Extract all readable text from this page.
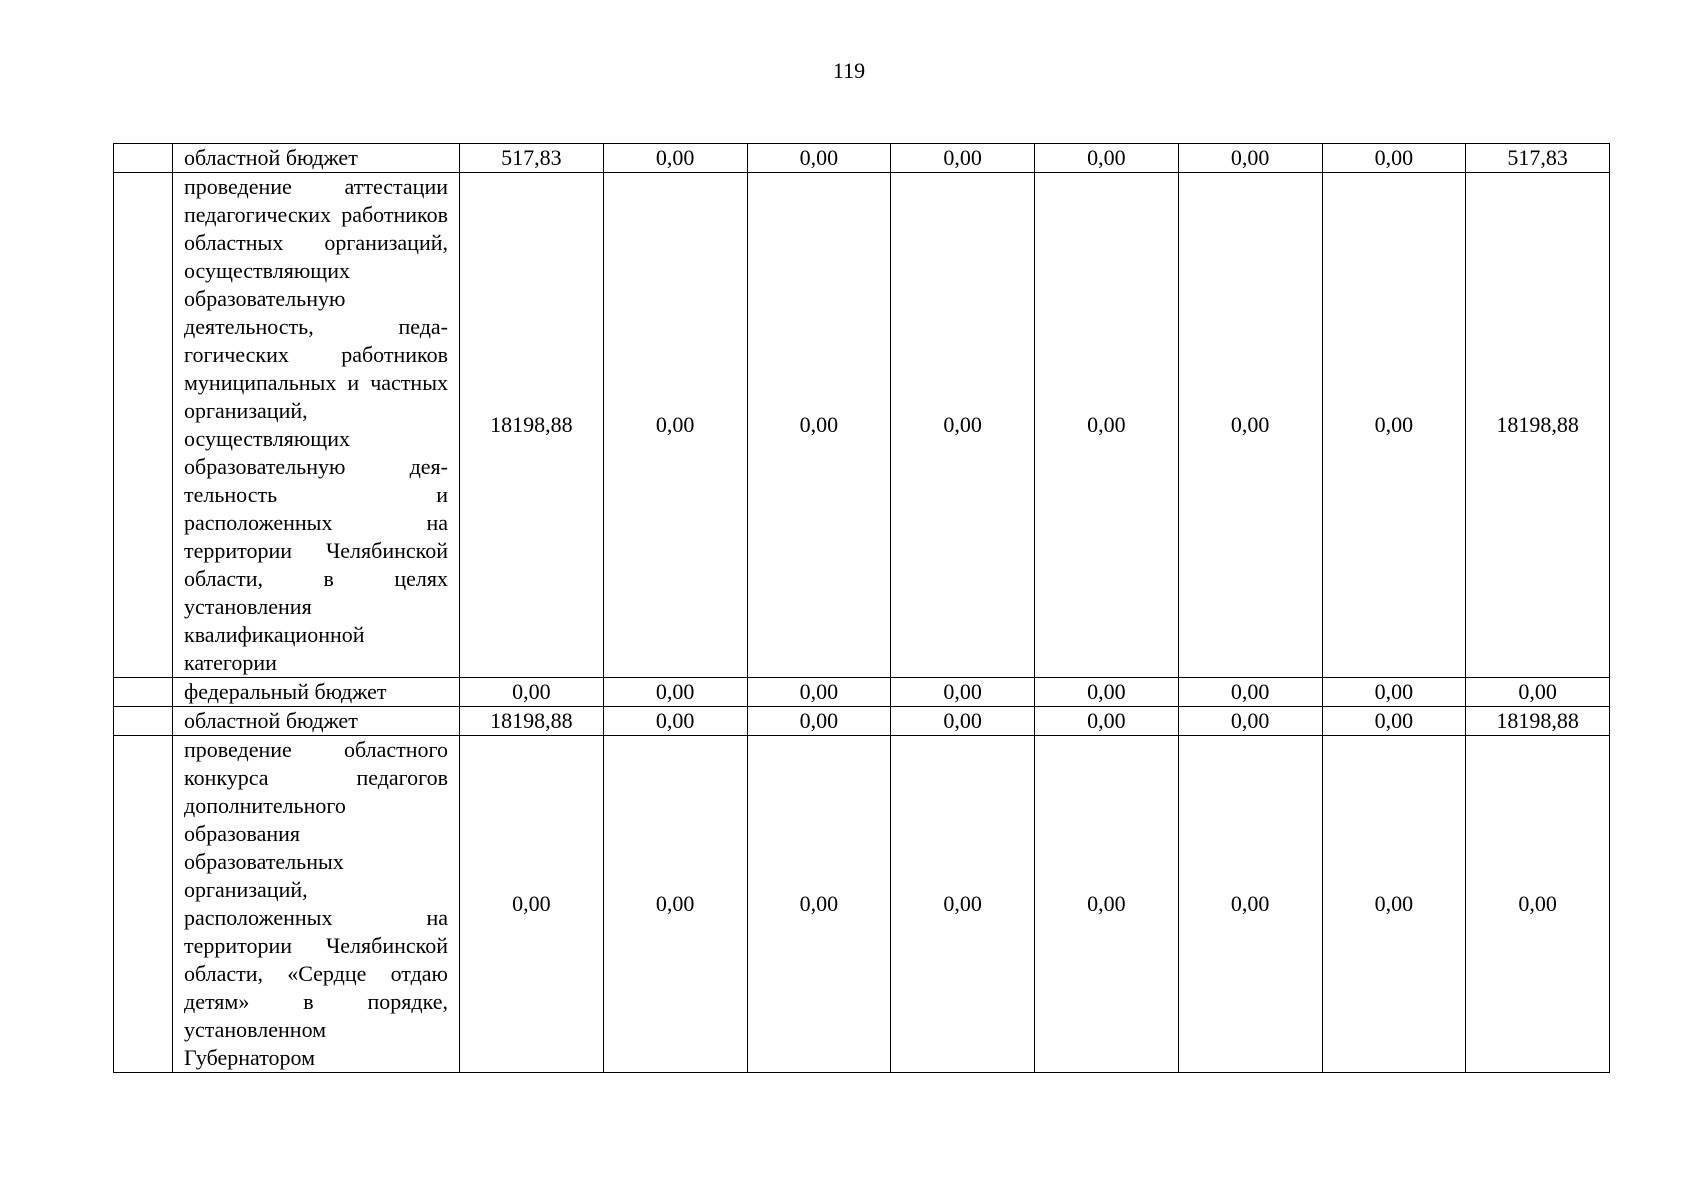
119
	областной бюджет	517,83	0,00	0,00	0,00	0,00	0,00	0,00	517,83
	проведение аттестации педагогических работников областных организаций, осуществляющих образовательную деятельность, педагогических работников муниципальных и частных организаций, осуществляющих образовательную деятельность и расположенных на территории Челябинской области, в целях установления квалификационной категории	18198,88	0,00	0,00	0,00	0,00	0,00	0,00	18198,88
	федеральный бюджет	0,00	0,00	0,00	0,00	0,00	0,00	0,00	0,00
	областной бюджет	18198,88	0,00	0,00	0,00	0,00	0,00	0,00	18198,88
	проведение областного конкурса педагогов дополнительного образования образовательных организаций, расположенных на территории Челябинской области, «Сердце отдаю детям» в порядке, установленном Губернатором	0,00	0,00	0,00	0,00	0,00	0,00	0,00	0,00
